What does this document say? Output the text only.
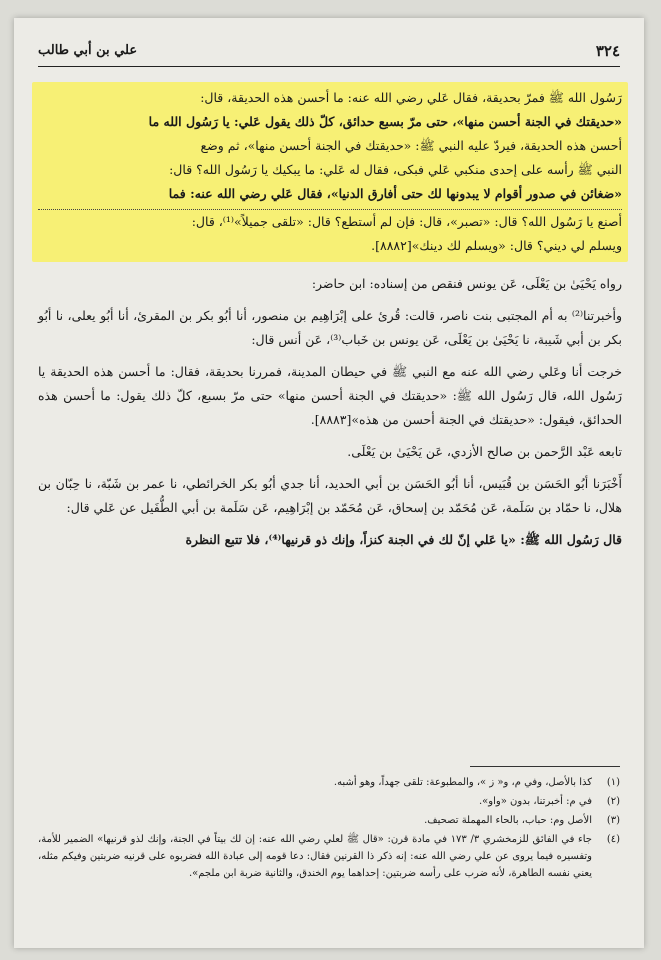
٣٢٤
علي بن أبي طالب
رَسُول الله ﷺ فمرّ بحديقة، فقال عَلي رضي الله عنه: ما أحسن هذه الحديقة، قال:
«حديقتك في الجنة أحسن منها»، حتى مرّ بسبع حدائق، كلّ ذلك يقول عَلي: يا رَسُول الله ما
أحسن هذه الحديقة، فيردّ عليه النبي ﷺ: «حديقتك في الجنة أحسن منها»، ثم وضع
النبي ﷺ رأسه على إحدى منكبي عَلي فبكى، فقال له عَلي: ما يبكيك يا رَسُول الله؟ قال:
«ضغائن في صدور أقوام لا يبدونها لك حتى أفارق الدنيا»، فقال عَلي رضي الله عنه: فما
أصنع يا رَسُول الله؟ قال: «تصبر»، قال: فإن لم أستطع؟ قال: «تلقى جميلاً»⁽¹⁾، قال:
ويسلم لي ديني؟ قال: «ويسلم لك دينك»[٨٨٨٢].

رواه يَحْيَىٰ بن يَعْلَى، عَن يونس فنقص من إسناده: ابن حاضر:

وأخبرتنا⁽²⁾ به أم المجتبى بنت ناصر، قالت: قُرئ على إبْرَاهِيم بن منصور، أنا أبُو بكر بن المقرئ، أنا أبُو يعلى، نا أبُو بكر بن أبي شَيبة، نا يَحْيَىٰ بن يَعْلَى، عَن يونس بن خَباب⁽³⁾، عَن أنس قال:

خرجت أنا وعَلي رضي الله عنه مع النبي ﷺ في حيطان المدينة، فمررنا بحديقة، فقال: ما أحسن هذه الحديقة يا رَسُول الله، قال رَسُول الله ﷺ: «حديقتك في الجنة أحسن منها» حتى مرّ بسبع، كلّ ذلك يقول: ما أحسن هذه الحدائق، فيقول: «حديقتك في الجنة أحسن من هذه»[٨٨٨٣].

تابعه عَبْد الرَّحمن بن صالح الأزدي، عَن يَحْيَىٰ بن يَعْلَى.

أَخْبَرَنا أبُو الحَسَن بن قُبَيس، أنا أبُو الحَسَن بن أبي الحديد، أنا جدي أبُو بكر الخرائطي، نا عمر بن شَبّة، نا حِبّان بن هلال، نا حمّاد بن سَلَمة، عَن مُحَمّد بن إسحاق، عَن مُحَمّد بن إبْرَاهِيم، عَن سَلَمة بن أبي الطُّفَيل عن عَلي قال:

قال رَسُول الله ﷺ: «يا عَلي إنّ لك في الجنة كنزاً، وإنك ذو قرنيها⁽⁴⁾، فلا تتبع النظرة

(١)
كذا بالأصل، وفي م، و« ز »، والمطبوعة: تلقى جهداً، وهو أشبه.
(٢)
في م: أخبرتنا، بدون «واو».
(٣)
الأصل وم: حباب، بالحاء المهملة تصحيف.
(٤)
جاء في الفائق للزمخشري ٣/ ١٧٣ في مادة قرن: «قال ﷺ لعلي رضي الله عنه: إن لك بيتاً في الجنة، وإنك لذو قرنيها» الضمير للأمة، وتفسيره فيما يروى عن علي رضي الله عنه: إنه ذكر ذا القرنين فقال: دعا قومه إلى عبادة الله فضربوه على قرنيه ضربتين وفيكم مثله، يعني نفسه الطاهرة، لأنه ضرب على رأسه ضربتين: إحداهما يوم الخندق، والثانية ضربة ابن ملجم».
